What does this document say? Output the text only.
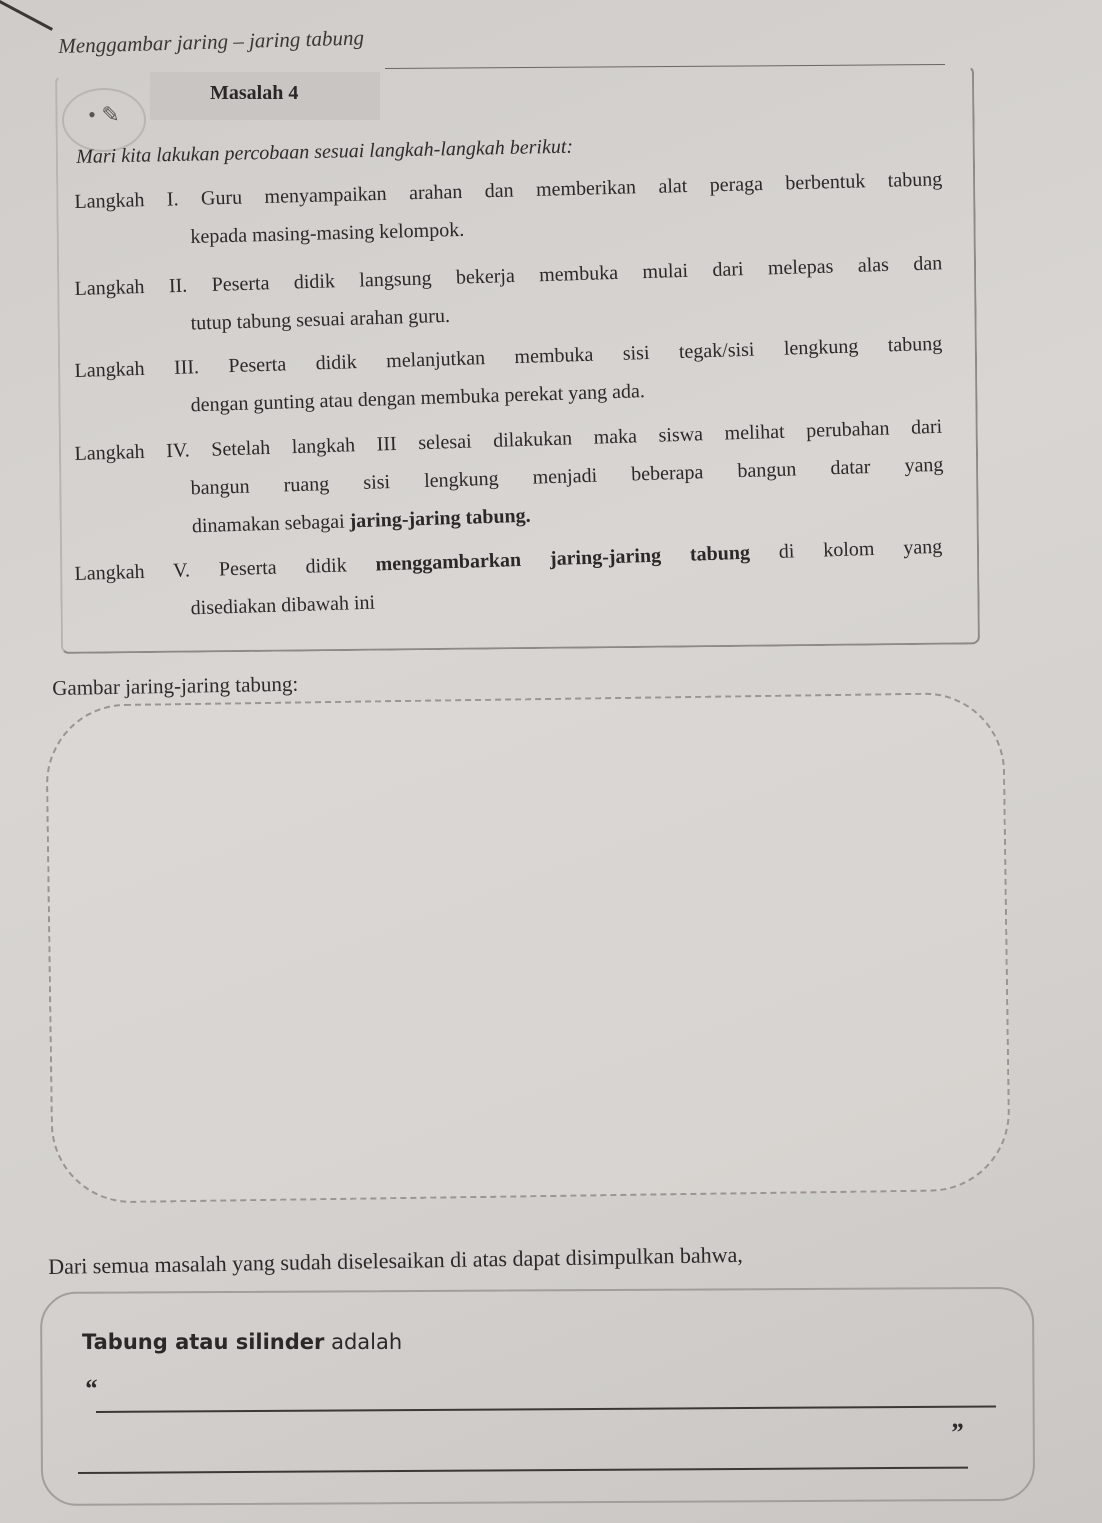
Menggambar jaring – jaring tabung
• ✎
Masalah 4
Mari kita lakukan percobaan sesuai langkah-langkah berikut:
Langkah I. Guru menyampaikan arahan dan memberikan alat peraga berbentuk tabung
kepada masing-masing kelompok.
Langkah II. Peserta didik langsung bekerja membuka mulai dari melepas alas dan
tutup tabung sesuai arahan guru.
Langkah III. Peserta didik melanjutkan membuka sisi tegak/sisi lengkung tabung
dengan gunting atau dengan membuka perekat yang ada.
Langkah IV. Setelah langkah III selesai dilakukan maka siswa melihat perubahan dari
bangun ruang sisi lengkung menjadi beberapa bangun datar yang
dinamakan sebagai jaring-jaring tabung.
Langkah V. Peserta didik menggambarkan jaring-jaring tabung di kolom yang
disediakan dibawah ini
Gambar jaring-jaring tabung:
Dari semua masalah yang sudah diselesaikan di atas dapat disimpulkan bahwa,
Tabung atau silinder adalah
“
”
